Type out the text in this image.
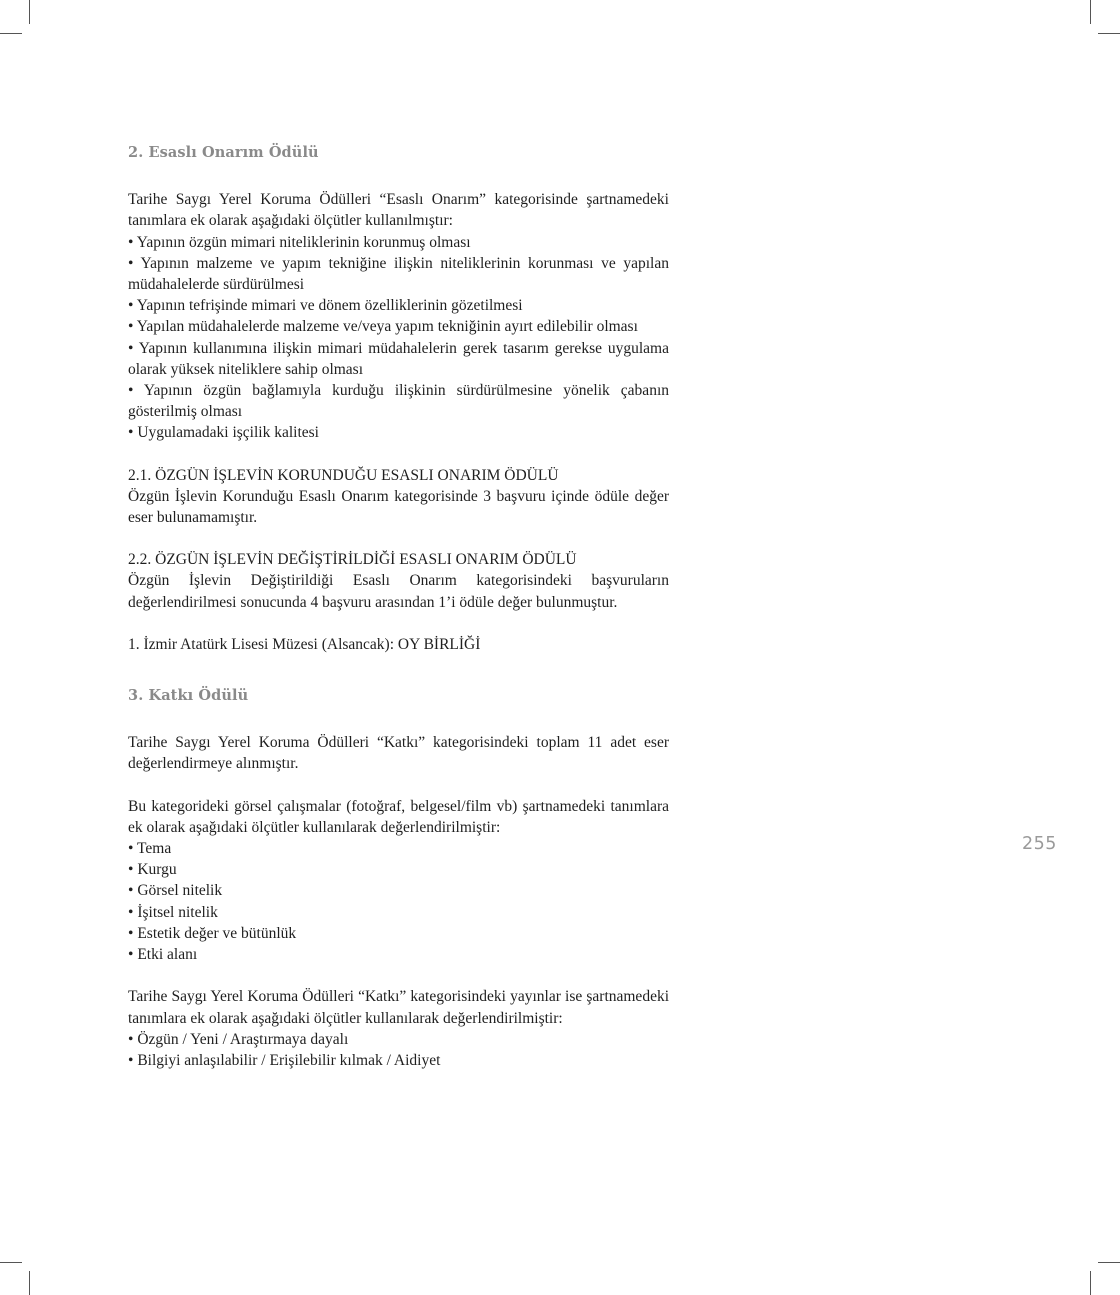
2. Esaslı Onarım Ödülü

Tarihe Saygı Yerel Koruma Ödülleri “Esaslı Onarım” kategorisinde şartnamedeki tanımlara ek olarak aşağıdaki ölçütler kullanılmıştır:

• Yapının özgün mimari niteliklerinin korunmuş olması
• Yapının malzeme ve yapım tekniğine ilişkin niteliklerinin korunması ve yapılan müdahalelerde sürdürülmesi
• Yapının tefrişinde mimari ve dönem özelliklerinin gözetilmesi
• Yapılan müdahalelerde malzeme ve/veya yapım tekniğinin ayırt edilebilir olması
• Yapının kullanımına ilişkin mimari müdahalelerin gerek tasarım gerekse uygulama olarak yüksek niteliklere sahip olması
• Yapının özgün bağlamıyla kurduğu ilişkinin sürdürülmesine yönelik çabanın gösterilmiş olması
• Uygulamadaki işçilik kalitesi
2.1. ÖZGÜN İŞLEVİN KORUNDUĞU ESASLI ONARIM ÖDÜLÜ

Özgün İşlevin Korunduğu Esaslı Onarım kategorisinde 3 başvuru içinde ödüle değer eser bulunamamıştır.

2.2. ÖZGÜN İŞLEVİN DEĞİŞTİRİLDİĞİ ESASLI ONARIM ÖDÜLÜ

Özgün İşlevin Değiştirildiği Esaslı Onarım kategorisindeki başvuruların değerlendirilmesi sonucunda 4 başvuru arasından 1’i ödüle değer bulunmuştur.

1. İzmir Atatürk Lisesi Müzesi (Alsancak): OY BİRLİĞİ

3. Katkı Ödülü

Tarihe Saygı Yerel Koruma Ödülleri “Katkı” kategorisindeki toplam 11 adet eser değerlendirmeye alınmıştır.

Bu kategorideki görsel çalışmalar (fotoğraf, belgesel/film vb) şartnamedeki tanımlara ek olarak aşağıdaki ölçütler kullanılarak değerlendirilmiştir:

• Tema
• Kurgu
• Görsel nitelik
• İşitsel nitelik
• Estetik değer ve bütünlük
• Etki alanı

Tarihe Saygı Yerel Koruma Ödülleri “Katkı” kategorisindeki yayınlar ise şartnamedeki tanımlara ek olarak aşağıdaki ölçütler kullanılarak değerlendirilmiştir:

• Özgün / Yeni / Araştırmaya dayalı
• Bilgiyi anlaşılabilir / Erişilebilir kılmak / Aidiyet
255
